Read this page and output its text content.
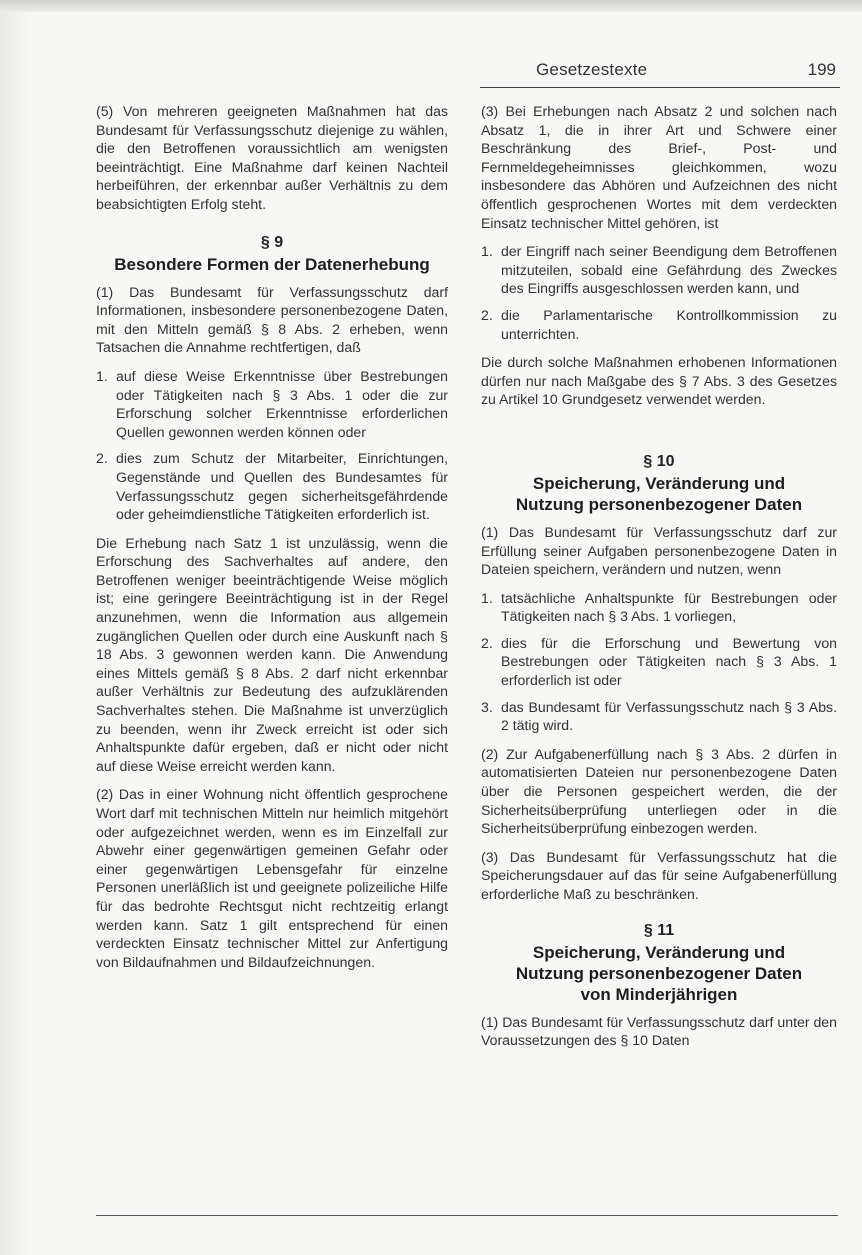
Gesetzestexte	199

(5) Von mehreren geeigneten Maßnahmen hat das Bundesamt für Verfassungsschutz diejenige zu wählen, die den Betroffenen voraussichtlich am wenigsten beeinträchtigt. Eine Maßnahme darf keinen Nachteil herbeiführen, der erkennbar außer Verhältnis zu dem beabsichtigten Erfolg steht.

§ 9
Besondere Formen der Datenerhebung

(1) Das Bundesamt für Verfassungsschutz darf Informationen, insbesondere personenbezogene Daten, mit den Mitteln gemäß § 8 Abs. 2 erheben, wenn Tatsachen die Annahme rechtfertigen, daß

1. auf diese Weise Erkenntnisse über Bestrebungen oder Tätigkeiten nach § 3 Abs. 1 oder die zur Erforschung solcher Erkenntnisse erforderlichen Quellen gewonnen werden können oder
2. dies zum Schutz der Mitarbeiter, Einrichtungen, Gegenstände und Quellen des Bundesamtes für Verfassungsschutz gegen sicherheitsgefährdende oder geheimdienstliche Tätigkeiten erforderlich ist.

Die Erhebung nach Satz 1 ist unzulässig, wenn die Erforschung des Sachverhaltes auf andere, den Betroffenen weniger beeinträchtigende Weise möglich ist; eine geringere Beeinträchtigung ist in der Regel anzunehmen, wenn die Information aus allgemein zugänglichen Quellen oder durch eine Auskunft nach § 18 Abs. 3 gewonnen werden kann. Die Anwendung eines Mittels gemäß § 8 Abs. 2 darf nicht erkennbar außer Verhältnis zur Bedeutung des aufzuklärenden Sachverhaltes stehen. Die Maßnahme ist unverzüglich zu beenden, wenn ihr Zweck erreicht ist oder sich Anhaltspunkte dafür ergeben, daß er nicht oder nicht auf diese Weise erreicht werden kann.

(2) Das in einer Wohnung nicht öffentlich gesprochene Wort darf mit technischen Mitteln nur heimlich mitgehört oder aufgezeichnet werden, wenn es im Einzelfall zur Abwehr einer gegenwärtigen gemeinen Gefahr oder einer gegenwärtigen Lebensgefahr für einzelne Personen unerläßlich ist und geeignete polizeiliche Hilfe für das bedrohte Rechtsgut nicht rechtzeitig erlangt werden kann. Satz 1 gilt entsprechend für einen verdeckten Einsatz technischer Mittel zur Anfertigung von Bildaufnahmen und Bildaufzeichnungen.

(3) Bei Erhebungen nach Absatz 2 und solchen nach Absatz 1, die in ihrer Art und Schwere einer Beschränkung des Brief-, Post- und Fernmeldegeheimnisses gleichkommen, wozu insbesondere das Abhören und Aufzeichnen des nicht öffentlich gesprochenen Wortes mit dem verdeckten Einsatz technischer Mittel gehören, ist

1. der Eingriff nach seiner Beendigung dem Betroffenen mitzuteilen, sobald eine Gefährdung des Zweckes des Eingriffs ausgeschlossen werden kann, und
2. die Parlamentarische Kontrollkommission zu unterrichten.

Die durch solche Maßnahmen erhobenen Informationen dürfen nur nach Maßgabe des § 7 Abs. 3 des Gesetzes zu Artikel 10 Grundgesetz verwendet werden.

§ 10
Speicherung, Veränderung und
Nutzung personenbezogener Daten

(1) Das Bundesamt für Verfassungsschutz darf zur Erfüllung seiner Aufgaben personenbezogene Daten in Dateien speichern, verändern und nutzen, wenn

1. tatsächliche Anhaltspunkte für Bestrebungen oder Tätigkeiten nach § 3 Abs. 1 vorliegen,
2. dies für die Erforschung und Bewertung von Bestrebungen oder Tätigkeiten nach § 3 Abs. 1 erforderlich ist oder
3. das Bundesamt für Verfassungsschutz nach § 3 Abs. 2 tätig wird.

(2) Zur Aufgabenerfüllung nach § 3 Abs. 2 dürfen in automatisierten Dateien nur personenbezogene Daten über die Personen gespeichert werden, die der Sicherheitsüberprüfung unterliegen oder in die Sicherheitsüberprüfung einbezogen werden.

(3) Das Bundesamt für Verfassungsschutz hat die Speicherungsdauer auf das für seine Aufgabenerfüllung erforderliche Maß zu beschränken.

§ 11
Speicherung, Veränderung und
Nutzung personenbezogener Daten
von Minderjährigen

(1) Das Bundesamt für Verfassungsschutz darf unter den Voraussetzungen des § 10 Daten
